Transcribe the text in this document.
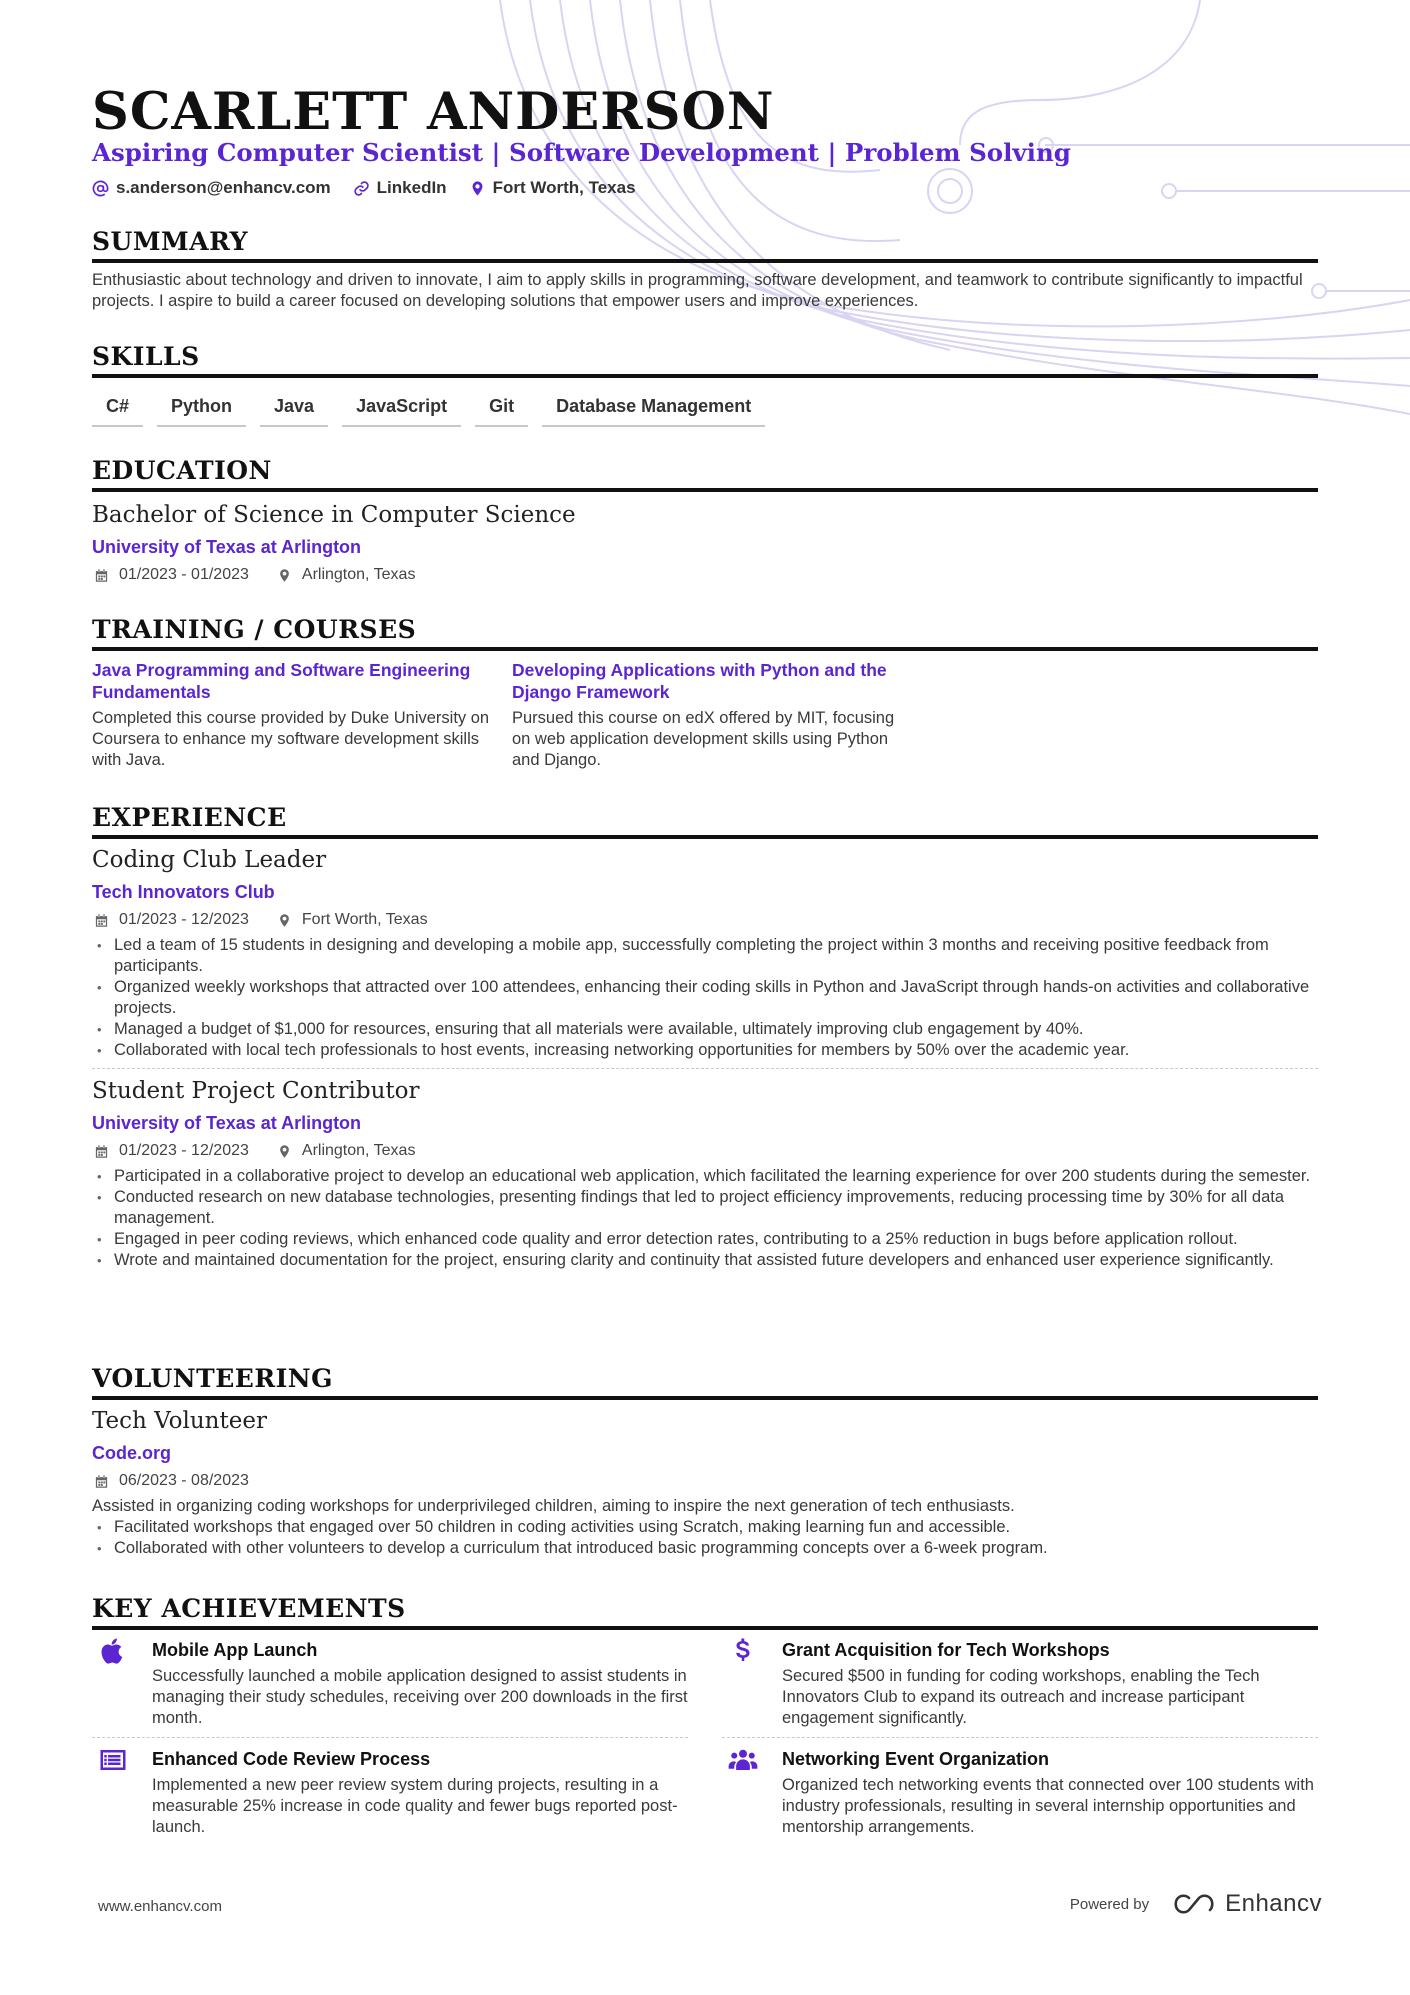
SCARLETT ANDERSON
Aspiring Computer Scientist | Software Development | Problem Solving
s.anderson@enhancv.com	LinkedIn	Fort Worth, Texas
SUMMARY
Enthusiastic about technology and driven to innovate, I aim to apply skills in programming, software development, and teamwork to contribute significantly to impactful projects. I aspire to build a career focused on developing solutions that empower users and improve experiences.
SKILLS
C#	Python	Java	JavaScript	Git	Database Management
EDUCATION
Bachelor of Science in Computer Science
University of Texas at Arlington
01/2023 - 01/2023	Arlington, Texas
TRAINING / COURSES
Java Programming and Software Engineering Fundamentals
Completed this course provided by Duke University on Coursera to enhance my software development skills with Java.
Developing Applications with Python and the Django Framework
Pursued this course on edX offered by MIT, focusing on web application development skills using Python and Django.
EXPERIENCE
Coding Club Leader
Tech Innovators Club
01/2023 - 12/2023	Fort Worth, Texas
• Led a team of 15 students in designing and developing a mobile app, successfully completing the project within 3 months and receiving positive feedback from participants.
• Organized weekly workshops that attracted over 100 attendees, enhancing their coding skills in Python and JavaScript through hands-on activities and collaborative projects.
• Managed a budget of $1,000 for resources, ensuring that all materials were available, ultimately improving club engagement by 40%.
• Collaborated with local tech professionals to host events, increasing networking opportunities for members by 50% over the academic year.
Student Project Contributor
University of Texas at Arlington
01/2023 - 12/2023	Arlington, Texas
• Participated in a collaborative project to develop an educational web application, which facilitated the learning experience for over 200 students during the semester.
• Conducted research on new database technologies, presenting findings that led to project efficiency improvements, reducing processing time by 30% for all data management.
• Engaged in peer coding reviews, which enhanced code quality and error detection rates, contributing to a 25% reduction in bugs before application rollout.
• Wrote and maintained documentation for the project, ensuring clarity and continuity that assisted future developers and enhanced user experience significantly.
VOLUNTEERING
Tech Volunteer
Code.org
06/2023 - 08/2023
Assisted in organizing coding workshops for underprivileged children, aiming to inspire the next generation of tech enthusiasts.
• Facilitated workshops that engaged over 50 children in coding activities using Scratch, making learning fun and accessible.
• Collaborated with other volunteers to develop a curriculum that introduced basic programming concepts over a 6-week program.
KEY ACHIEVEMENTS
Mobile App Launch
Successfully launched a mobile application designed to assist students in managing their study schedules, receiving over 200 downloads in the first month.
Grant Acquisition for Tech Workshops
Secured $500 in funding for coding workshops, enabling the Tech Innovators Club to expand its outreach and increase participant engagement significantly.
Enhanced Code Review Process
Implemented a new peer review system during projects, resulting in a measurable 25% increase in code quality and fewer bugs reported post-launch.
Networking Event Organization
Organized tech networking events that connected over 100 students with industry professionals, resulting in several internship opportunities and mentorship arrangements.
www.enhancv.com	Powered by	Enhancv
